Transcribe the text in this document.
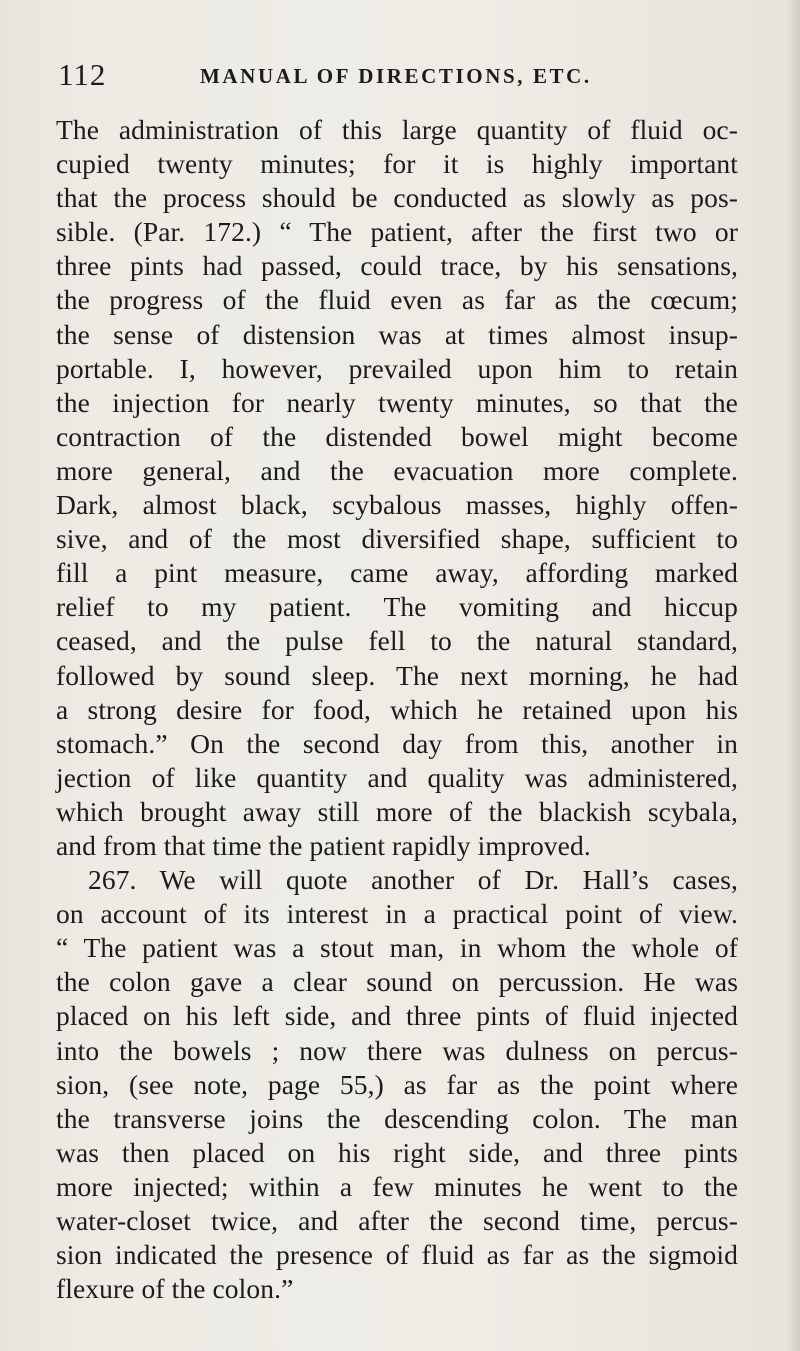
112	MANUAL OF DIRECTIONS, ETC.
The administration of this large quantity of fluid oc-
cupied twenty minutes; for it is highly important
that the process should be conducted as slowly as pos-
sible. (Par. 172.) “ The patient, after the first two or
three pints had passed, could trace, by his sensations,
the progress of the fluid even as far as the cœcum;
the sense of distension was at times almost insup-
portable. I, however, prevailed upon him to retain
the injection for nearly twenty minutes, so that the
contraction of the distended bowel might become
more general, and the evacuation more complete.
Dark, almost black, scybalous masses, highly offen-
sive, and of the most diversified shape, sufficient to
fill a pint measure, came away, affording marked
relief to my patient. The vomiting and hiccup
ceased, and the pulse fell to the natural standard,
followed by sound sleep. The next morning, he had
a strong desire for food, which he retained upon his
stomach.” On the second day from this, another in
jection of like quantity and quality was administered,
which brought away still more of the blackish scybala,
and from that time the patient rapidly improved.
267. We will quote another of Dr. Hall’s cases,
on account of its interest in a practical point of view.
“ The patient was a stout man, in whom the whole of
the colon gave a clear sound on percussion. He was
placed on his left side, and three pints of fluid injected
into the bowels ; now there was dulness on percus-
sion, (see note, page 55,) as far as the point where
the transverse joins the descending colon. The man
was then placed on his right side, and three pints
more injected; within a few minutes he went to the
water-closet twice, and after the second time, percus-
sion indicated the presence of fluid as far as the sigmoid
flexure of the colon.”
